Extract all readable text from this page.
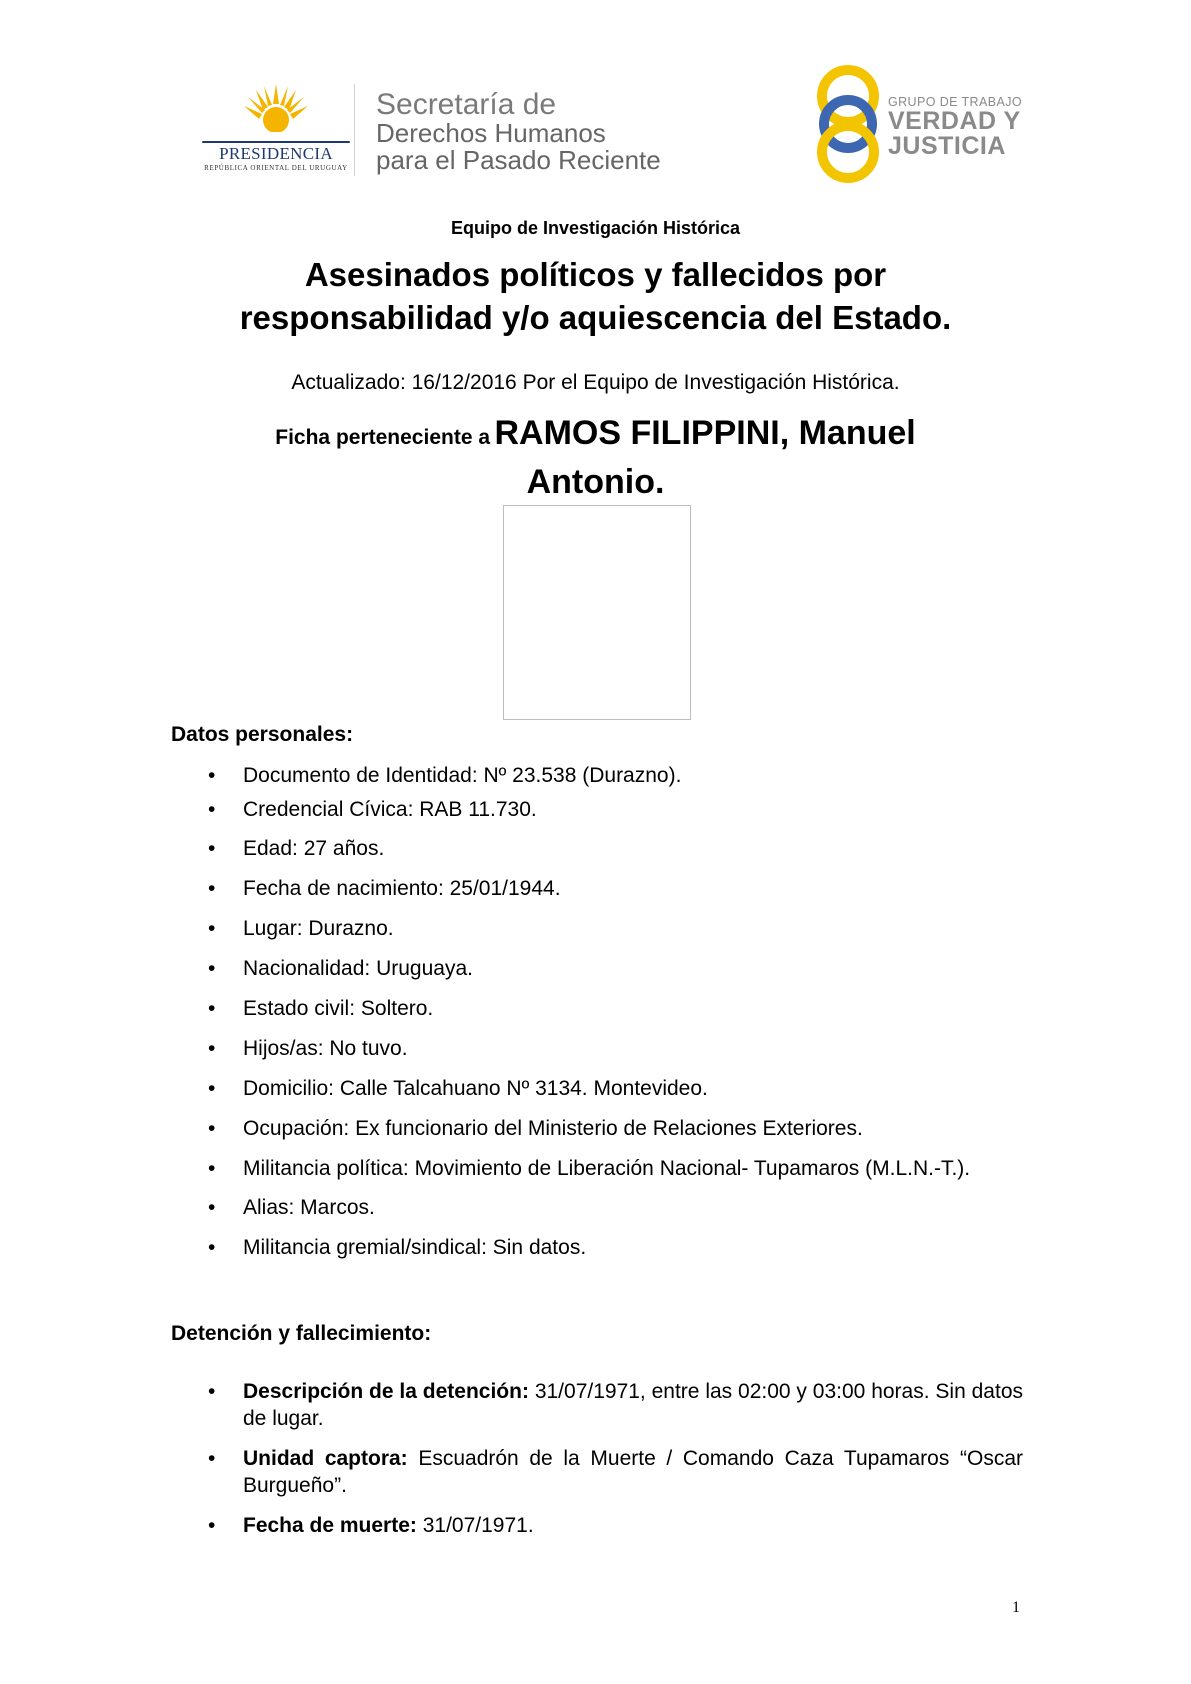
PRESIDENCIA
REPÚBLICA ORIENTAL DEL URUGUAY
Secretaría de
Derechos Humanos
para el Pasado Reciente
GRUPO DE TRABAJO
VERDAD Y
JUSTICIA
Equipo de Investigación Histórica
Asesinados políticos y fallecidos por
responsabilidad y/o aquiescencia del Estado.
Actualizado: 16/12/2016 Por el Equipo de Investigación Histórica.
Ficha perteneciente a RAMOS FILIPPINI, Manuel
Antonio.
Datos personales:
• Documento de Identidad: Nº 23.538 (Durazno).
• Credencial Cívica: RAB 11.730.
• Edad: 27 años.
• Fecha de nacimiento: 25/01/1944.
• Lugar: Durazno.
• Nacionalidad: Uruguaya.
• Estado civil: Soltero.
• Hijos/as: No tuvo.
• Domicilio: Calle Talcahuano Nº 3134. Montevideo.
• Ocupación: Ex funcionario del Ministerio de Relaciones Exteriores.
• Militancia política: Movimiento de Liberación Nacional- Tupamaros (M.L.N.-T.).
• Alias: Marcos.
• Militancia gremial/sindical: Sin datos.
Detención y fallecimiento:
• Descripción de la detención: 31/07/1971, entre las 02:00 y 03:00 horas. Sin datos de lugar.
• Unidad captora: Escuadrón de la Muerte / Comando Caza Tupamaros “Oscar Burgueño”.
• Fecha de muerte: 31/07/1971.
1
